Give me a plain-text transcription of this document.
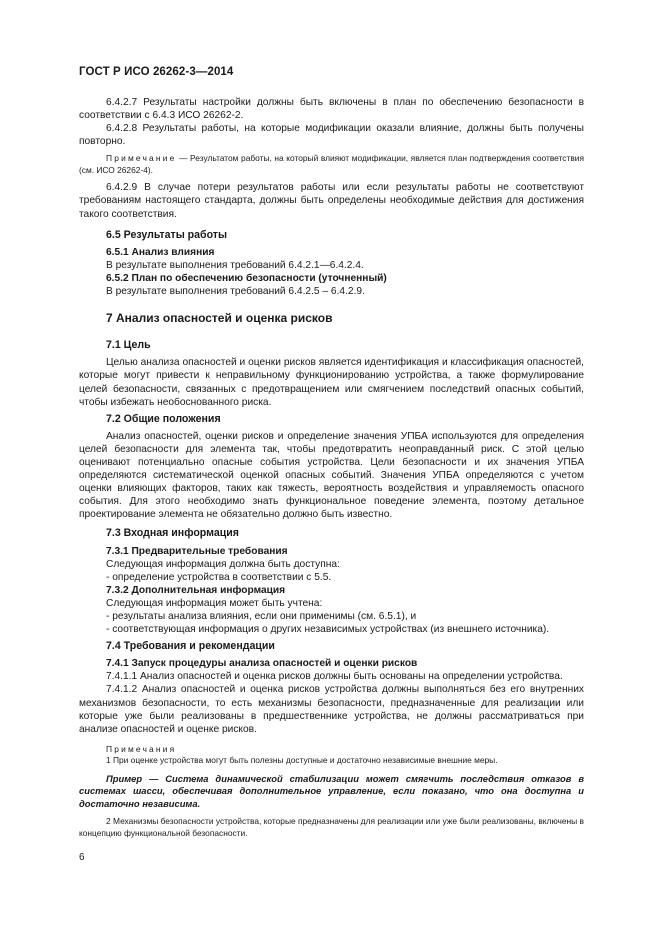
ГОСТ Р ИСО 26262-3—2014

6.4.2.7 Результаты настройки должны быть включены в план по обеспечению безопасности в соответствии с 6.4.3 ИСО 26262-2.

6.4.2.8 Результаты работы, на которые модификации оказали влияние, должны быть получены повторно.

Примечание — Результатом работы, на который влияют модификации, является план подтверждения соответствия (см. ИСО 26262-4).

6.4.2.9 В случае потери результатов работы или если результаты работы не соответствуют требованиям настоящего стандарта, должны быть определены необходимые действия для достижения такого соответствия.

6.5 Результаты работы

6.5.1 Анализ влияния

В результате выполнения требований 6.4.2.1—6.4.2.4.

6.5.2 План по обеспечению безопасности (уточненный)

В результате выполнения требований 6.4.2.5 – 6.4.2.9.

7 Анализ опасностей и оценка рисков

7.1 Цель

Целью анализа опасностей и оценки рисков является идентификация и классификация опасностей, которые могут привести к неправильному функционированию устройства, а также формулирование целей безопасности, связанных с предотвращением или смягчением последствий опасных событий, чтобы избежать необоснованного риска.

7.2 Общие положения

Анализ опасностей, оценки рисков и определение значения УПБА используются для определения целей безопасности для элемента так, чтобы предотвратить неоправданный риск. С этой целью оценивают потенциально опасные события устройства. Цели безопасности и их значения УПБА определяются систематической оценкой опасных событий. Значения УПБА определяются с учетом оценки влияющих факторов, таких как тяжесть, вероятность воздействия и управляемость опасного события. Для этого необходимо знать функциональное поведение элемента, поэтому детальное проектирование элемента не обязательно должно быть известно.

7.3 Входная информация

7.3.1 Предварительные требования

Следующая информация должна быть доступна:

- определение устройства в соответствии с 5.5.

7.3.2 Дополнительная информация

Следующая информация может быть учтена:

- результаты анализа влияния, если они применимы (см. 6.5.1), и

- соответствующая информация о других независимых устройствах (из внешнего источника).

7.4 Требования и рекомендации

7.4.1 Запуск процедуры анализа опасностей и оценки рисков

7.4.1.1 Анализ опасностей и оценка рисков должны быть основаны на определении устройства.

7.4.1.2 Анализ опасностей и оценка рисков устройства должны выполняться без его внутренних механизмов безопасности, то есть механизмы безопасности, предназначенные для реализации или которые уже были реализованы в предшественнике устройства, не должны рассматриваться при анализе опасностей и оценке рисков.

Примечания

1 При оценке устройства могут быть полезны доступные и достаточно независимые внешние меры.

Пример — Система динамической стабилизации может смягчить последствия отказов в системах шасси, обеспечивая дополнительное управление, если показано, что она доступна и достаточно независима.

2 Механизмы безопасности устройства, которые предназначены для реализации или уже были реализованы, включены в концепцию функциональной безопасности.

6
